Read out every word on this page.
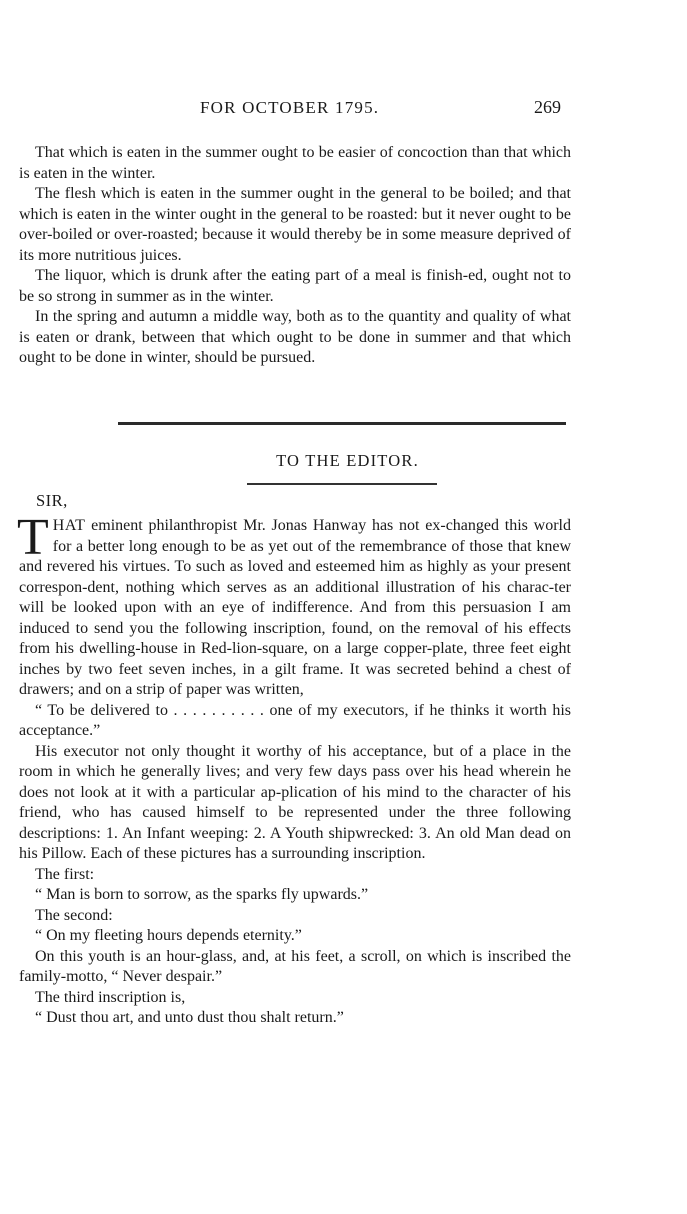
FOR OCTOBER 1795.	269

That which is eaten in the summer ought to be easier of concoction than that which is eaten in the winter.

The flesh which is eaten in the summer ought in the general to be boiled; and that which is eaten in the winter ought in the general to be roasted: but it never ought to be over-boiled or over-roasted; because it would thereby be in some measure deprived of its more nutritious juices.

The liquor, which is drunk after the eating part of a meal is finish-ed, ought not to be so strong in summer as in the winter.

In the spring and autumn a middle way, both as to the quantity and quality of what is eaten or drank, between that which ought to be done in summer and that which ought to be done in winter, should be pursued.

TO THE EDITOR.
SIR,

THAT eminent philanthropist Mr. Jonas Hanway has not ex-changed this world for a better long enough to be as yet out of the remembrance of those that knew and revered his virtues. To such as loved and esteemed him as highly as your present correspon-dent, nothing which serves as an additional illustration of his charac-ter will be looked upon with an eye of indifference. And from this persuasion I am induced to send you the following inscription, found, on the removal of his effects from his dwelling-house in Red-lion-square, on a large copper-plate, three feet eight inches by two feet seven inches, in a gilt frame. It was secreted behind a chest of drawers; and on a strip of paper was written,

“ To be delivered to . . . . . . . . . . one of my executors, if he thinks it worth his acceptance.”

His executor not only thought it worthy of his acceptance, but of a place in the room in which he generally lives; and very few days pass over his head wherein he does not look at it with a particular ap-plication of his mind to the character of his friend, who has caused himself to be represented under the three following descriptions: 1. An Infant weeping: 2. A Youth shipwrecked: 3. An old Man dead on his Pillow. Each of these pictures has a surrounding inscription.

The first:

“ Man is born to sorrow, as the sparks fly upwards.”

The second:

“ On my fleeting hours depends eternity.”

On this youth is an hour-glass, and, at his feet, a scroll, on which is inscribed the family-motto, “ Never despair.”

The third inscription is,

“ Dust thou art, and unto dust thou shalt return.”
